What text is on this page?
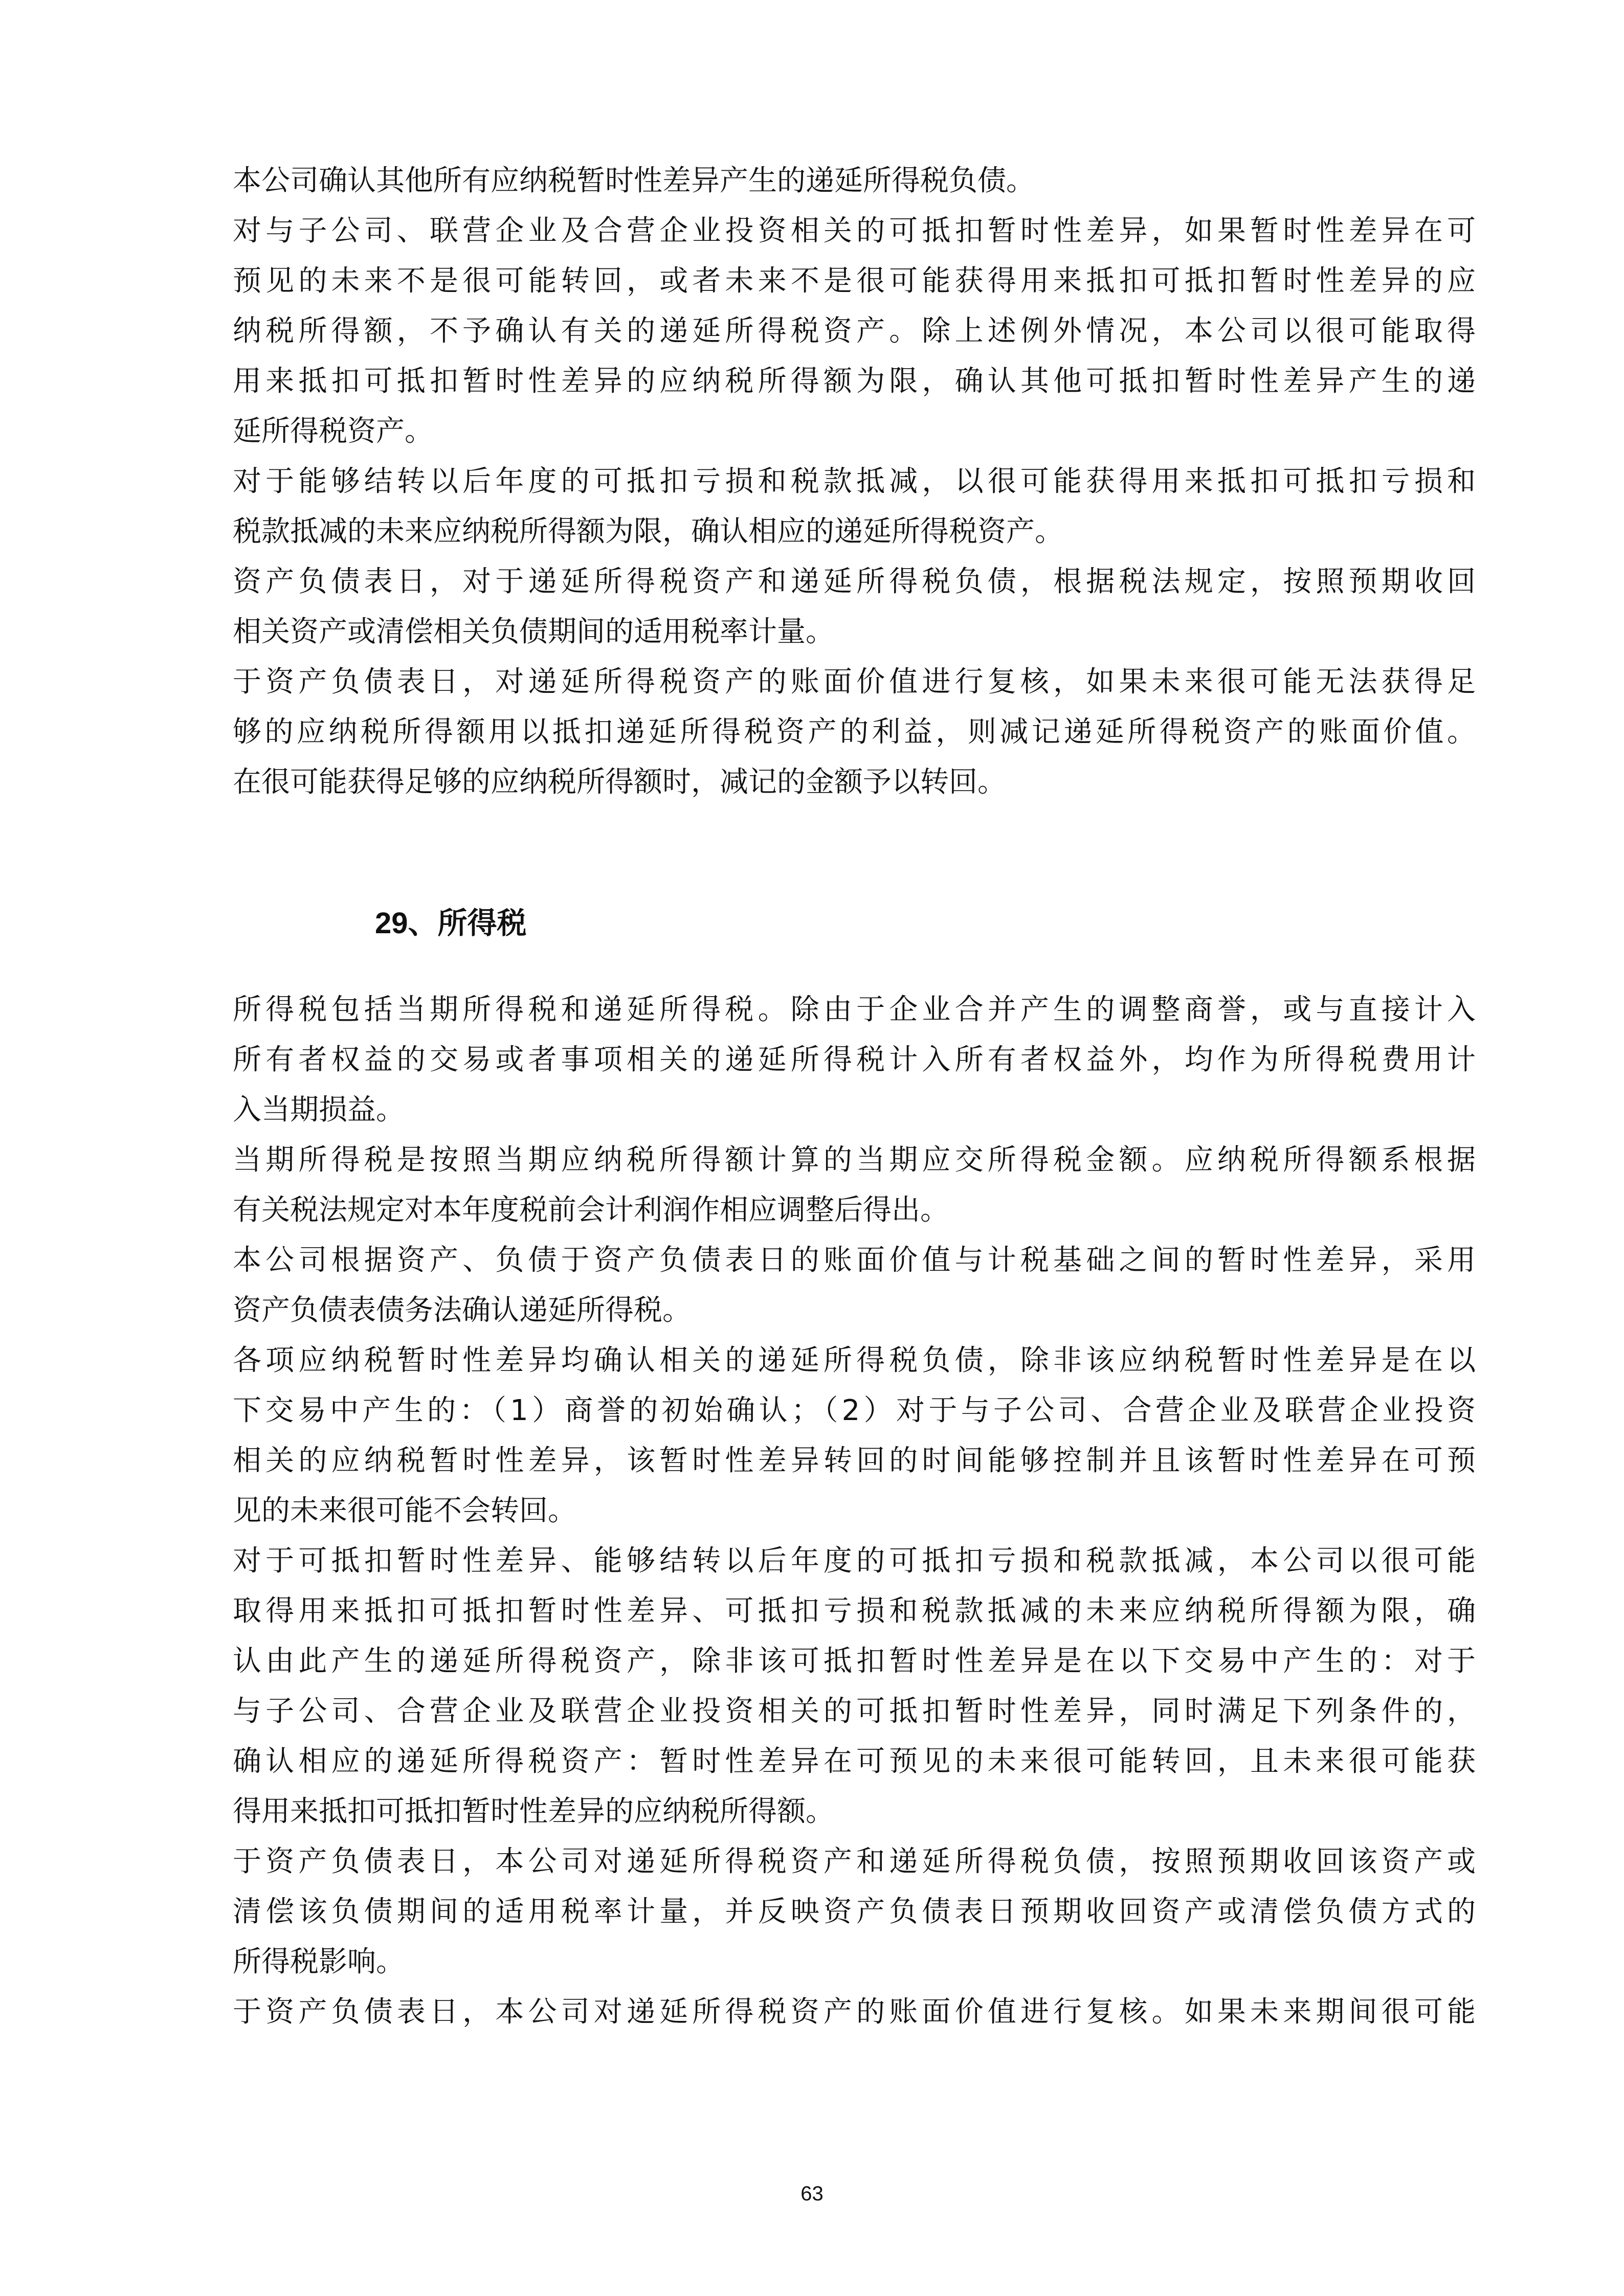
本公司确认其他所有应纳税暂时性差异产生的递延所得税负债。
对与子公司、联营企业及合营企业投资相关的可抵扣暂时性差异，如果暂时性差异在可
预见的未来不是很可能转回，或者未来不是很可能获得用来抵扣可抵扣暂时性差异的应
纳税所得额，不予确认有关的递延所得税资产。除上述例外情况，本公司以很可能取得
用来抵扣可抵扣暂时性差异的应纳税所得额为限，确认其他可抵扣暂时性差异产生的递
延所得税资产。
对于能够结转以后年度的可抵扣亏损和税款抵减，以很可能获得用来抵扣可抵扣亏损和
税款抵减的未来应纳税所得额为限，确认相应的递延所得税资产。
资产负债表日，对于递延所得税资产和递延所得税负债，根据税法规定，按照预期收回
相关资产或清偿相关负债期间的适用税率计量。
于资产负债表日，对递延所得税资产的账面价值进行复核，如果未来很可能无法获得足
够的应纳税所得额用以抵扣递延所得税资产的利益，则减记递延所得税资产的账面价值。
在很可能获得足够的应纳税所得额时，减记的金额予以转回。
29、所得税
所得税包括当期所得税和递延所得税。除由于企业合并产生的调整商誉，或与直接计入
所有者权益的交易或者事项相关的递延所得税计入所有者权益外，均作为所得税费用计
入当期损益。
当期所得税是按照当期应纳税所得额计算的当期应交所得税金额。应纳税所得额系根据
有关税法规定对本年度税前会计利润作相应调整后得出。
本公司根据资产、负债于资产负债表日的账面价值与计税基础之间的暂时性差异，采用
资产负债表债务法确认递延所得税。
各项应纳税暂时性差异均确认相关的递延所得税负债，除非该应纳税暂时性差异是在以
下交易中产生的：（1）商誉的初始确认；（2）对于与子公司、合营企业及联营企业投资
相关的应纳税暂时性差异，该暂时性差异转回的时间能够控制并且该暂时性差异在可预
见的未来很可能不会转回。
对于可抵扣暂时性差异、能够结转以后年度的可抵扣亏损和税款抵减，本公司以很可能
取得用来抵扣可抵扣暂时性差异、可抵扣亏损和税款抵减的未来应纳税所得额为限，确
认由此产生的递延所得税资产，除非该可抵扣暂时性差异是在以下交易中产生的：对于
与子公司、合营企业及联营企业投资相关的可抵扣暂时性差异，同时满足下列条件的，
确认相应的递延所得税资产：暂时性差异在可预见的未来很可能转回，且未来很可能获
得用来抵扣可抵扣暂时性差异的应纳税所得额。
于资产负债表日，本公司对递延所得税资产和递延所得税负债，按照预期收回该资产或
清偿该负债期间的适用税率计量，并反映资产负债表日预期收回资产或清偿负债方式的
所得税影响。
于资产负债表日，本公司对递延所得税资产的账面价值进行复核。如果未来期间很可能
63
